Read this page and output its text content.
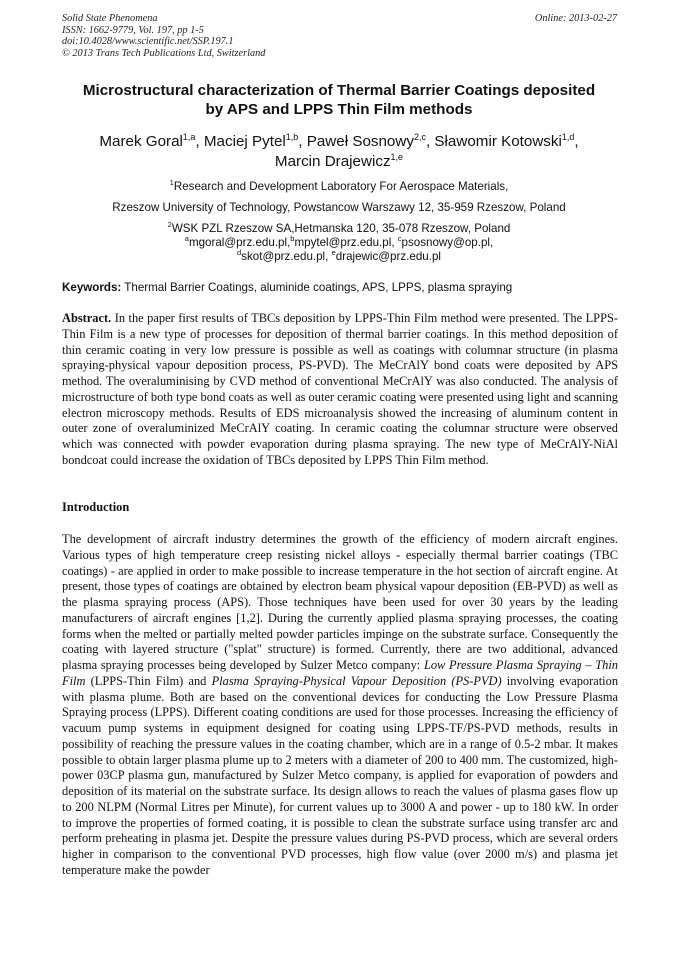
Solid State Phenomena
ISSN: 1662-9779, Vol. 197, pp 1-5
doi:10.4028/www.scientific.net/SSP.197.1
© 2013 Trans Tech Publications Ltd, Switzerland
Online: 2013-02-27
Microstructural characterization of Thermal Barrier Coatings deposited
by APS and LPPS Thin Film methods
Marek Goral$^{1,a}$, Maciej Pytel$^{1,b}$, Paweł Sosnowy$^{2,c}$, Sławomir Kotowski$^{1,d}$,
Marcin Drajewicz$^{1,e}$
$^1$Research and Development Laboratory For Aerospace Materials,
Rzeszow University of Technology, Powstancow Warszawy 12, 35-959 Rzeszow, Poland
$^2$WSK PZL Rzeszow SA,Hetmanska 120, 35-078 Rzeszow, Poland
$^a$mgoral@prz.edu.pl,$^b$mpytel@prz.edu.pl, $^c$psosnowy@op.pl,
$^d$skot@prz.edu.pl, $^e$drajewic@prz.edu.pl
Keywords: Thermal Barrier Coatings, aluminide coatings, APS, LPPS, plasma spraying
Abstract. In the paper first results of TBCs deposition by LPPS-Thin Film method were presented. The LPPS-Thin Film is a new type of processes for deposition of thermal barrier coatings. In this method deposition of thin ceramic coating in very low pressure is possible as well as coatings with columnar structure (in plasma spraying-physical vapour deposition process, PS-PVD). The MeCrAlY bond coats were deposited by APS method. The overaluminising by CVD method of conventional MeCrAlY was also conducted. The analysis of microstructure of both type bond coats as well as outer ceramic coating were presented using light and scanning electron microscopy methods. Results of EDS microanalysis showed the increasing of aluminum content in outer zone of overaluminized MeCrAlY coating. In ceramic coating the columnar structure were observed which was connected with powder evaporation during plasma spraying. The new type of MeCrAlY-NiAl bondcoat could increase the oxidation of TBCs deposited by LPPS Thin Film method.
Introduction
The development of aircraft industry determines the growth of the efficiency of modern aircraft engines. Various types of high temperature creep resisting nickel alloys - especially thermal barrier coatings (TBC coatings) - are applied in order to make possible to increase temperature in the hot section of aircraft engine. At present, those types of coatings are obtained by electron beam physical vapour deposition (EB-PVD) as well as the plasma spraying process (APS). Those techniques have been used for over 30 years by the leading manufacturers of aircraft engines [1,2]. During the currently applied plasma spraying processes, the coating forms when the melted or partially melted powder particles impinge on the substrate surface. Consequently the coating with layered structure ("splat" structure) is formed. Currently, there are two additional, advanced plasma spraying processes being developed by Sulzer Metco company: Low Pressure Plasma Spraying – Thin Film (LPPS-Thin Film) and Plasma Spraying-Physical Vapour Deposition (PS-PVD) involving evaporation with plasma plume. Both are based on the conventional devices for conducting the Low Pressure Plasma Spraying process (LPPS). Different coating conditions are used for those processes. Increasing the efficiency of vacuum pump systems in equipment designed for coating using LPPS-TF/PS-PVD methods, results in possibility of reaching the pressure values in the coating chamber, which are in a range of 0.5-2 mbar. It makes possible to obtain larger plasma plume up to 2 meters with a diameter of 200 to 400 mm. The customized, high-power 03CP plasma gun, manufactured by Sulzer Metco company, is applied for evaporation of powders and deposition of its material on the substrate surface. Its design allows to reach the values of plasma gases flow up to 200 NLPM (Normal Litres per Minute), for current values up to 3000 A and power - up to 180 kW. In order to improve the properties of formed coating, it is possible to clean the substrate surface using transfer arc and perform preheating in plasma jet. Despite the pressure values during PS-PVD process, which are several orders higher in comparison to the conventional PVD processes, high flow value (over 2000 m/s) and plasma jet temperature make the powder
